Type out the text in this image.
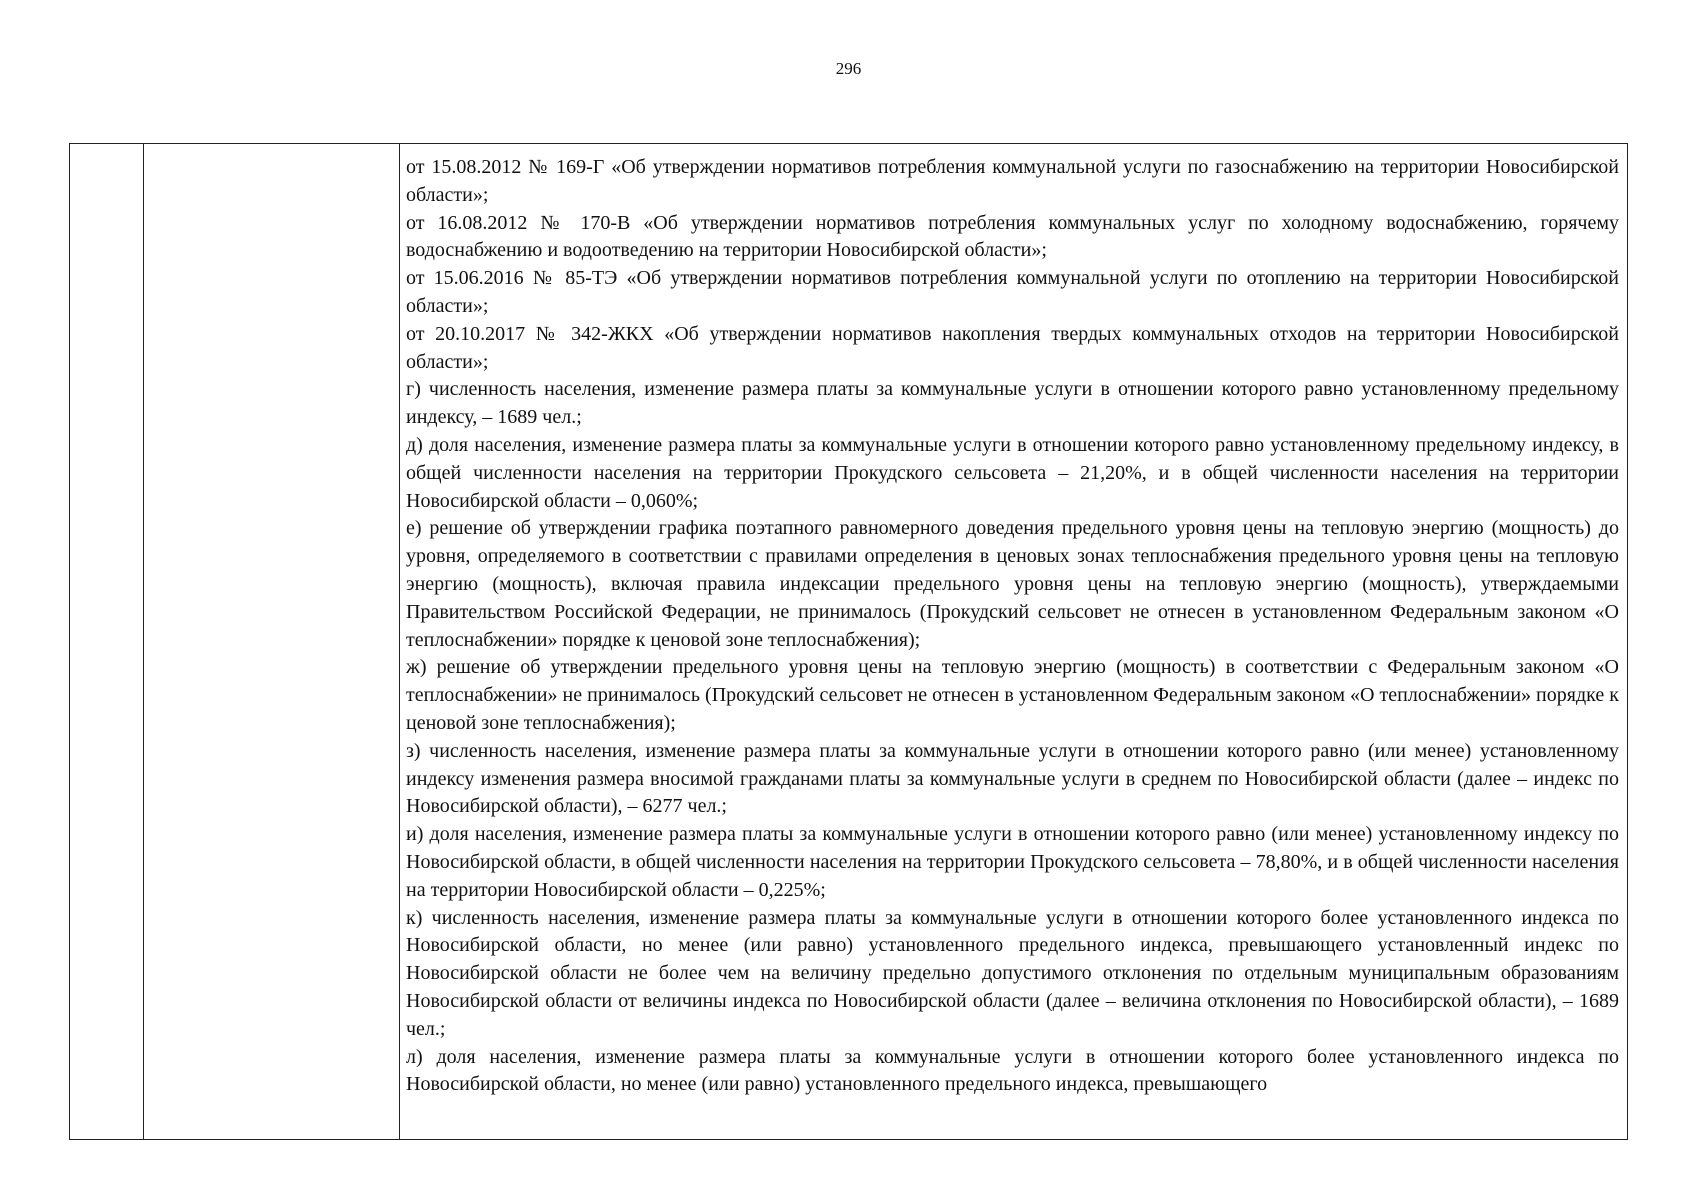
296

от 15.08.2012 № 169-Г «Об утверждении нормативов потребления коммунальной услуги по газоснабжению на территории Новосибирской области»;

от 16.08.2012 № 170-В «Об утверждении нормативов потребления коммунальных услуг по холодному водоснабжению, горячему водоснабжению и водоотведению на территории Новосибирской области»;

от 15.06.2016 № 85-ТЭ «Об утверждении нормативов потребления коммунальной услуги по отоплению на территории Новосибирской области»;

от 20.10.2017 № 342-ЖКХ «Об утверждении нормативов накопления твердых коммунальных отходов на территории Новосибирской области»;

г) численность населения, изменение размера платы за коммунальные услуги в отношении которого равно установленному предельному индексу, – 1689 чел.;

д) доля населения, изменение размера платы за коммунальные услуги в отношении которого равно установленному предельному индексу, в общей численности населения на территории Прокудского сельсовета – 21,20%, и в общей численности населения на территории Новосибирской области – 0,060%;

е) решение об утверждении графика поэтапного равномерного доведения предельного уровня цены на тепловую энергию (мощность) до уровня, определяемого в соответствии с правилами определения в ценовых зонах теплоснабжения предельного уровня цены на тепловую энергию (мощность), включая правила индексации предельного уровня цены на тепловую энергию (мощность), утверждаемыми Правительством Российской Федерации, не принималось (Прокудский сельсовет не отнесен в установленном Федеральным законом «О теплоснабжении» порядке к ценовой зоне теплоснабжения);

ж) решение об утверждении предельного уровня цены на тепловую энергию (мощность) в соответствии с Федеральным законом «О теплоснабжении» не принималось (Прокудский сельсовет не отнесен в установленном Федеральным законом «О теплоснабжении» порядке к ценовой зоне теплоснабжения);

з) численность населения, изменение размера платы за коммунальные услуги в отношении которого равно (или менее) установленному индексу изменения размера вносимой гражданами платы за коммунальные услуги в среднем по Новосибирской области (далее – индекс по Новосибирской области), – 6277 чел.;

и) доля населения, изменение размера платы за коммунальные услуги в отношении которого равно (или менее) установленному индексу по Новосибирской области, в общей численности населения на территории Прокудского сельсовета – 78,80%, и в общей численности населения на территории Новосибирской области – 0,225%;

к) численность населения, изменение размера платы за коммунальные услуги в отношении которого более установленного индекса по Новосибирской области, но менее (или равно) установленного предельного индекса, превышающего установленный индекс по Новосибирской области не более чем на величину предельно допустимого отклонения по отдельным муниципальным образованиям Новосибирской области от величины индекса по Новосибирской области (далее – величина отклонения по Новосибирской области), – 1689 чел.;

л) доля населения, изменение размера платы за коммунальные услуги в отношении которого более установленного индекса по Новосибирской области, но менее (или равно) установленного предельного индекса, превышающего
